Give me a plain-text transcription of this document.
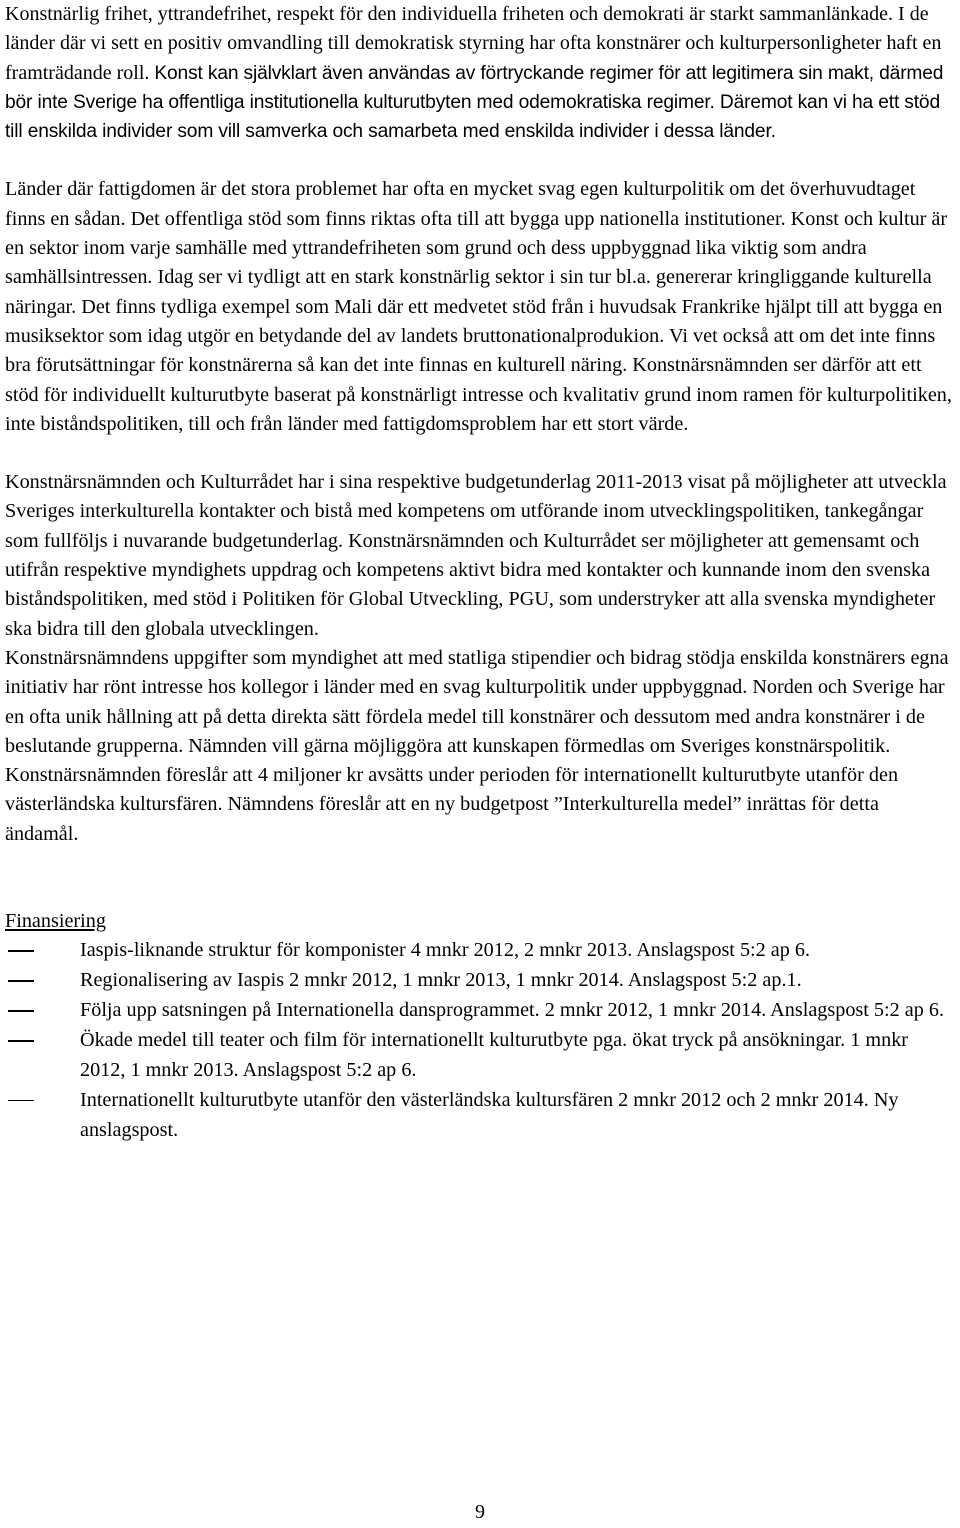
Konstnärlig frihet, yttrandefrihet, respekt för den individuella friheten och demokrati är starkt sammanlänkade. I de länder där vi sett en positiv omvandling till demokratisk styrning har ofta konstnärer och kulturpersonligheter haft en framträdande roll. Konst kan självklart även användas av förtryckande regimer för att legitimera sin makt, därmed bör inte Sverige ha offentliga institutionella kulturutbyten med odemokratiska regimer. Däremot kan vi ha ett stöd till enskilda individer som vill samverka och samarbeta med enskilda individer i dessa länder.

Länder där fattigdomen är det stora problemet har ofta en mycket svag egen kulturpolitik om det överhuvudtaget finns en sådan. Det offentliga stöd som finns riktas ofta till att bygga upp nationella institutioner. Konst och kultur är en sektor inom varje samhälle med yttrandefriheten som grund och dess uppbyggnad lika viktig som andra samhällsintressen. Idag ser vi tydligt att en stark konstnärlig sektor i sin tur bl.a. genererar kringliggande kulturella näringar. Det finns tydliga exempel som Mali där ett medvetet stöd från i huvudsak Frankrike hjälpt till att bygga en musiksektor som idag utgör en betydande del av landets bruttonationalprodukion. Vi vet också att om det inte finns bra förutsättningar för konstnärerna så kan det inte finnas en kulturell näring. Konstnärsnämnden ser därför att ett stöd för individuellt kulturutbyte baserat på konstnärligt intresse och kvalitativ grund inom ramen för kulturpolitiken, inte biståndspolitiken, till och från länder med fattigdomsproblem har ett stort värde.

Konstnärsnämnden och Kulturrådet har i sina respektive budgetunderlag 2011-2013 visat på möjligheter att utveckla Sveriges interkulturella kontakter och bistå med kompetens om utförande inom utvecklingspolitiken, tankegångar som fullföljs i nuvarande budgetunderlag. Konstnärsnämnden och Kulturrådet ser möjligheter att gemensamt och utifrån respektive myndighets uppdrag och kompetens aktivt bidra med kontakter och kunnande inom den svenska biståndspolitiken, med stöd i Politiken för Global Utveckling, PGU, som understryker att alla svenska myndigheter ska bidra till den globala utvecklingen.

Konstnärsnämndens uppgifter som myndighet att med statliga stipendier och bidrag stödja enskilda konstnärers egna initiativ har rönt intresse hos kollegor i länder med en svag kulturpolitik under uppbyggnad. Norden och Sverige har en ofta unik hållning att på detta direkta sätt fördela medel till konstnärer och dessutom med andra konstnärer i de beslutande grupperna. Nämnden vill gärna möjliggöra att kunskapen förmedlas om Sveriges konstnärspolitik.

Konstnärsnämnden föreslår att 4 miljoner kr avsätts under perioden för internationellt kulturutbyte utanför den västerländska kultursfären. Nämndens föreslår att en ny budgetpost ”Interkulturella medel” inrättas för detta ändamål.

Finansiering

Iaspis-liknande struktur för komponister 4 mnkr 2012, 2 mnkr 2013. Anslagspost 5:2 ap 6.
Regionalisering av Iaspis 2 mnkr 2012, 1 mnkr 2013, 1 mnkr 2014. Anslagspost 5:2 ap.1.
Följa upp satsningen på Internationella dansprogrammet. 2 mnkr 2012, 1 mnkr 2014. Anslagspost 5:2 ap 6.
Ökade medel till teater och film för internationellt kulturutbyte pga. ökat tryck på ansökningar. 1 mnkr 2012, 1 mnkr 2013. Anslagspost 5:2 ap 6.
Internationellt kulturutbyte utanför den västerländska kultursfären 2 mnkr 2012 och 2 mnkr 2014. Ny anslagspost.
9
